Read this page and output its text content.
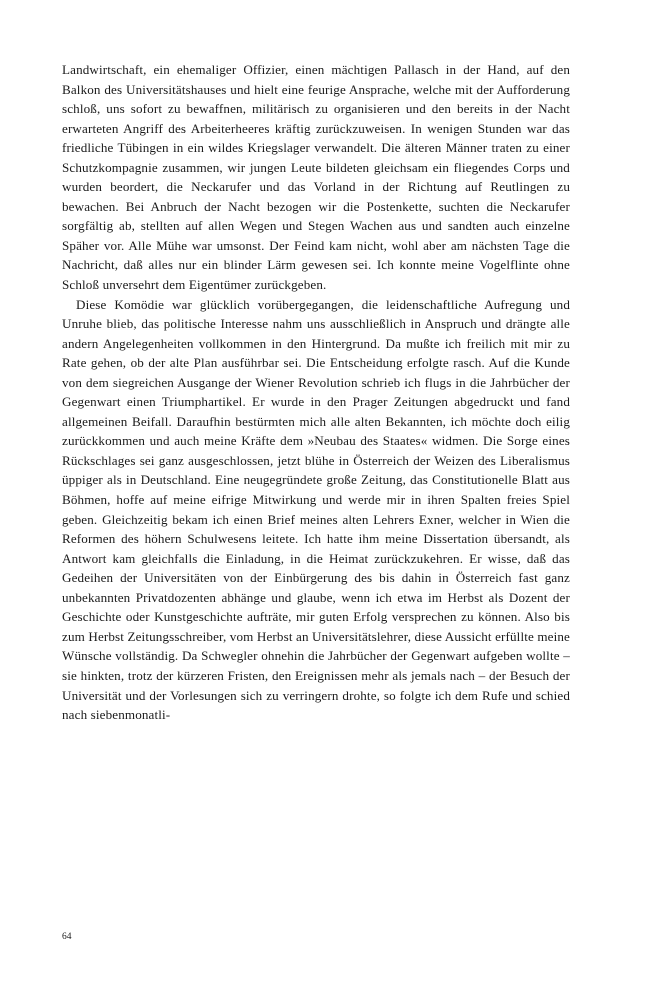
Landwirtschaft, ein ehemaliger Offizier, einen mächtigen Pallasch in der Hand, auf den Balkon des Universitätshauses und hielt eine feurige Ansprache, welche mit der Aufforderung schloß, uns sofort zu bewaffnen, militärisch zu organisieren und den bereits in der Nacht erwarteten Angriff des Arbeiterheeres kräftig zurückzuweisen. In wenigen Stunden war das friedliche Tübingen in ein wildes Kriegslager verwandelt. Die älteren Männer traten zu einer Schutzkompagnie zusammen, wir jungen Leute bildeten gleichsam ein fliegendes Corps und wurden beordert, die Neckarufer und das Vorland in der Richtung auf Reutlingen zu bewachen. Bei Anbruch der Nacht bezogen wir die Postenkette, suchten die Neckarufer sorgfältig ab, stellten auf allen Wegen und Stegen Wachen aus und sandten auch einzelne Späher vor. Alle Mühe war umsonst. Der Feind kam nicht, wohl aber am nächsten Tage die Nachricht, daß alles nur ein blinder Lärm gewesen sei. Ich konnte meine Vogelflinte ohne Schloß unversehrt dem Eigentümer zurückgeben.

Diese Komödie war glücklich vorübergegangen, die leidenschaftliche Aufregung und Unruhe blieb, das politische Interesse nahm uns ausschließlich in Anspruch und drängte alle andern Angelegenheiten vollkommen in den Hintergrund. Da mußte ich freilich mit mir zu Rate gehen, ob der alte Plan ausführbar sei. Die Entscheidung erfolgte rasch. Auf die Kunde von dem siegreichen Ausgange der Wiener Revolution schrieb ich flugs in die Jahrbücher der Gegenwart einen Triumphartikel. Er wurde in den Prager Zeitungen abgedruckt und fand allgemeinen Beifall. Daraufhin bestürmten mich alle alten Bekannten, ich möchte doch eilig zurückkommen und auch meine Kräfte dem »Neubau des Staates« widmen. Die Sorge eines Rückschlages sei ganz ausgeschlossen, jetzt blühe in Österreich der Weizen des Liberalismus üppiger als in Deutschland. Eine neugegründete große Zeitung, das Constitutionelle Blatt aus Böhmen, hoffe auf meine eifrige Mitwirkung und werde mir in ihren Spalten freies Spiel geben. Gleichzeitig bekam ich einen Brief meines alten Lehrers Exner, welcher in Wien die Reformen des höhern Schulwesens leitete. Ich hatte ihm meine Dissertation übersandt, als Antwort kam gleichfalls die Einladung, in die Heimat zurückzukehren. Er wisse, daß das Gedeihen der Universitäten von der Einbürgerung des bis dahin in Österreich fast ganz unbekannten Privatdozenten abhänge und glaube, wenn ich etwa im Herbst als Dozent der Geschichte oder Kunstgeschichte aufträte, mir guten Erfolg versprechen zu können. Also bis zum Herbst Zeitungsschreiber, vom Herbst an Universitätslehrer, diese Aussicht erfüllte meine Wünsche vollständig. Da Schwegler ohnehin die Jahrbücher der Gegenwart aufgeben wollte – sie hinkten, trotz der kürzeren Fristen, den Ereignissen mehr als jemals nach – der Besuch der Universität und der Vorlesungen sich zu verringern drohte, so folgte ich dem Rufe und schied nach siebenmonatli-

64
